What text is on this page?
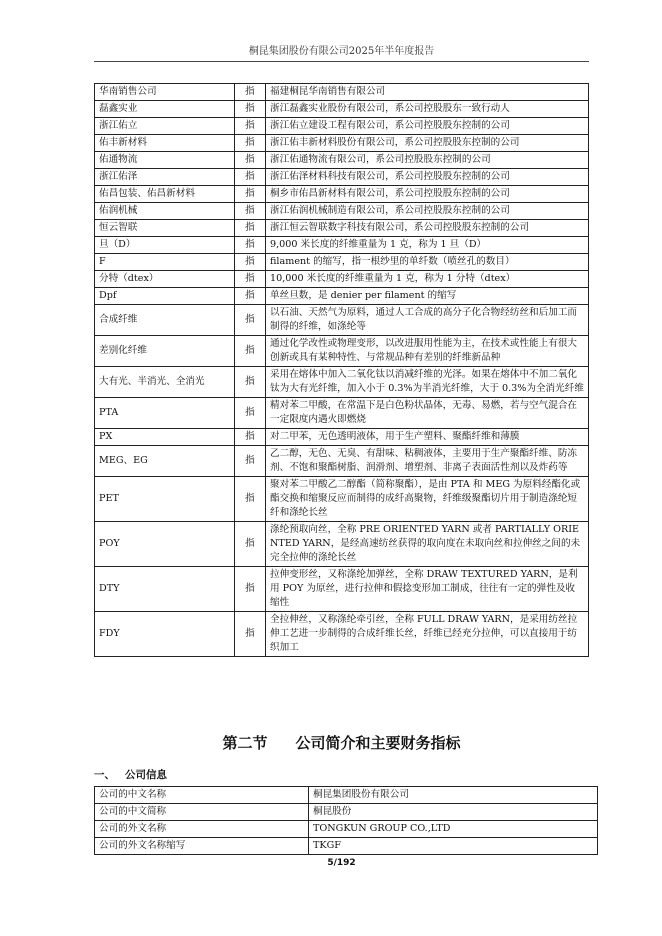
桐昆集团股份有限公司2025年半年度报告
华南销售公司	指	福建桐昆华南销售有限公司
磊鑫实业	指	浙江磊鑫实业股份有限公司，系公司控股股东一致行动人
浙江佑立	指	浙江佑立建设工程有限公司，系公司控股股东控制的公司
佑丰新材料	指	浙江佑丰新材料股份有限公司，系公司控股股东控制的公司
佑通物流	指	浙江佑通物流有限公司，系公司控股股东控制的公司
浙江佑泽	指	浙江佑泽材料科技有限公司，系公司控股股东控制的公司
佑昌包装、佑昌新材料	指	桐乡市佑昌新材料有限公司，系公司控股股东控制的公司
佑润机械	指	浙江佑润机械制造有限公司，系公司控股股东控制的公司
恒云智联	指	浙江恒云智联数字科技有限公司，系公司控股股东控制的公司
旦（D）	指	9,000 米长度的纤维重量为 1 克，称为 1 旦（D）
F	指	filament 的缩写，指一根纱里的单纤数（喷丝孔的数目）
分特（dtex）	指	10,000 米长度的纤维重量为 1 克，称为 1 分特（dtex）
Dpf	指	单丝旦数，是 denier per filament 的缩写
合成纤维	指	以石油、天然气为原料，通过人工合成的高分子化合物经纺丝和后加工而制得的纤维，如涤纶等
差别化纤维	指	通过化学改性或物理变形，以改进服用性能为主，在技术或性能上有很大创新或具有某种特性、与常规品种有差别的纤维新品种
大有光、半消光、全消光	指	采用在熔体中加入二氧化钛以消减纤维的光泽。如果在熔体中不加二氧化钛为大有光纤维，加入小于 0.3%为半消光纤维，大于 0.3%为全消光纤维
PTA	指	精对苯二甲酸，在常温下是白色粉状晶体，无毒、易燃，若与空气混合在一定限度内遇火即燃烧
PX	指	对二甲苯，无色透明液体，用于生产塑料、聚酯纤维和薄膜
MEG、EG	指	乙二醇，无色、无臭、有甜味、粘稠液体，主要用于生产聚酯纤维、防冻剂、不饱和聚酯树脂、润滑剂、增塑剂、非离子表面活性剂以及炸药等
PET	指	聚对苯二甲酸乙二醇酯（简称聚酯），是由 PTA 和 MEG 为原料经酯化或酯交换和缩聚反应而制得的成纤高聚物，纤维级聚酯切片用于制造涤纶短纤和涤纶长丝
POY	指	涤纶预取向丝，全称 PRE ORIENTED YARN 或者 PARTIALLY ORIENTED YARN，是经高速纺丝获得的取向度在未取向丝和拉伸丝之间的未完全拉伸的涤纶长丝
DTY	指	拉伸变形丝，又称涤纶加弹丝，全称 DRAW TEXTURED YARN，是利用 POY 为原丝，进行拉伸和假捻变形加工制成，往往有一定的弹性及收缩性
FDY	指	全拉伸丝，又称涤纶牵引丝，全称 FULL DRAW YARN，是采用纺丝拉伸工艺进一步制得的合成纤维长丝，纤维已经充分拉伸，可以直接用于纺织加工
第二节 公司简介和主要财务指标
一、 公司信息
公司的中文名称	桐昆集团股份有限公司
公司的中文简称	桐昆股份
公司的外文名称	TONGKUN GROUP CO.,LTD
公司的外文名称缩写	TKGF
5/192
